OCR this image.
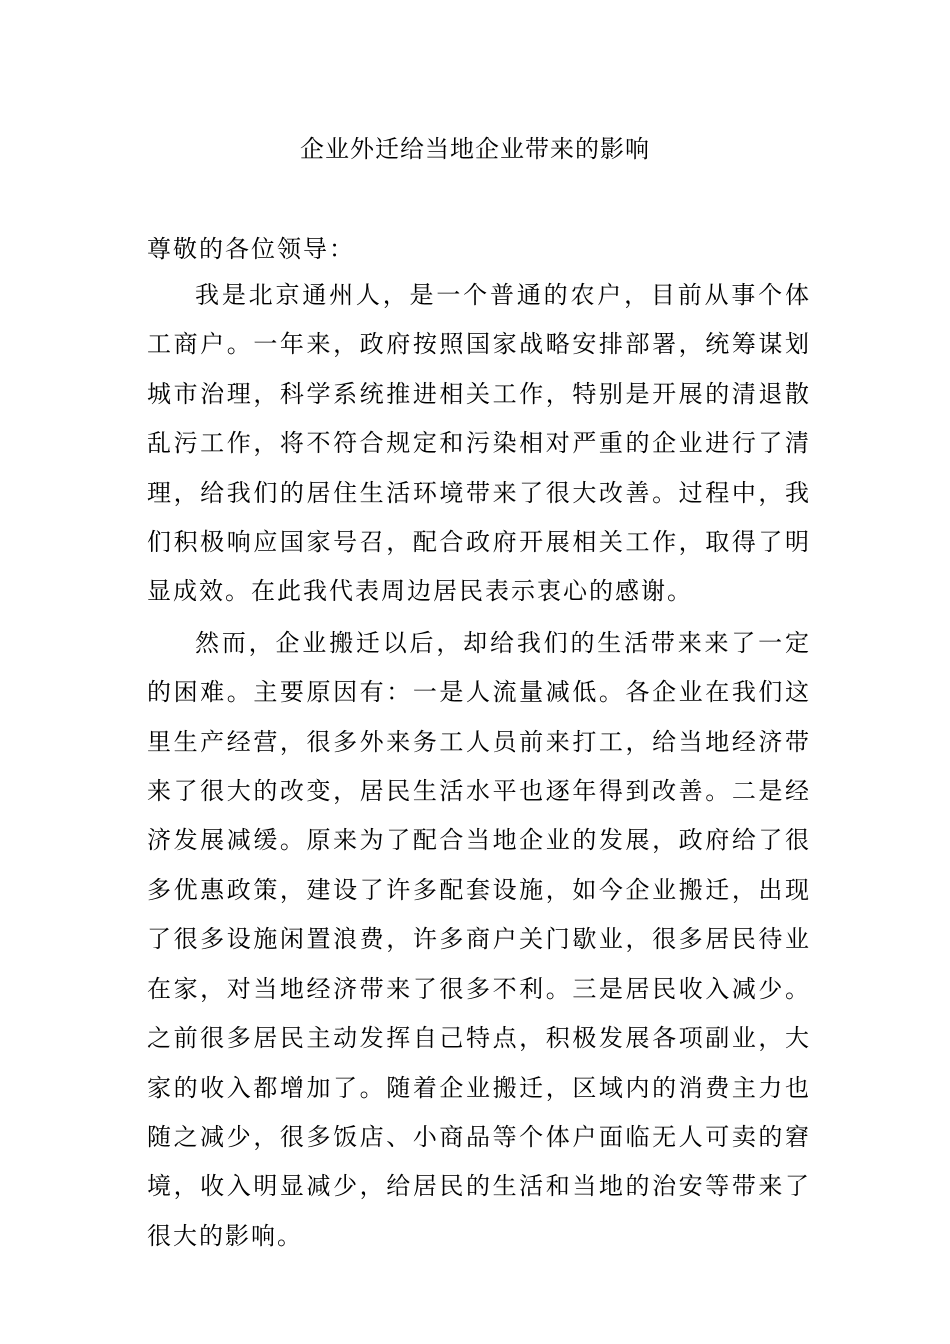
企业外迁给当地企业带来的影响

尊敬的各位领导：

我是北京通州人，是一个普通的农户，目前从事个体工商户。一年来，政府按照国家战略安排部署，统筹谋划城市治理，科学系统推进相关工作，特别是开展的清退散乱污工作，将不符合规定和污染相对严重的企业进行了清理，给我们的居住生活环境带来了很大改善。过程中，我们积极响应国家号召，配合政府开展相关工作，取得了明显成效。在此我代表周边居民表示衷心的感谢。

然而，企业搬迁以后，却给我们的生活带来来了一定的困难。主要原因有：一是人流量减低。各企业在我们这里生产经营，很多外来务工人员前来打工，给当地经济带来了很大的改变，居民生活水平也逐年得到改善。二是经济发展减缓。原来为了配合当地企业的发展，政府给了很多优惠政策，建设了许多配套设施，如今企业搬迁，出现了很多设施闲置浪费，许多商户关门歇业，很多居民待业在家，对当地经济带来了很多不利。三是居民收入减少。之前很多居民主动发挥自己特点，积极发展各项副业，大家的收入都增加了。随着企业搬迁，区域内的消费主力也随之减少，很多饭店、小商品等个体户面临无人可卖的窘境，收入明显减少，给居民的生活和当地的治安等带来了很大的影响。
